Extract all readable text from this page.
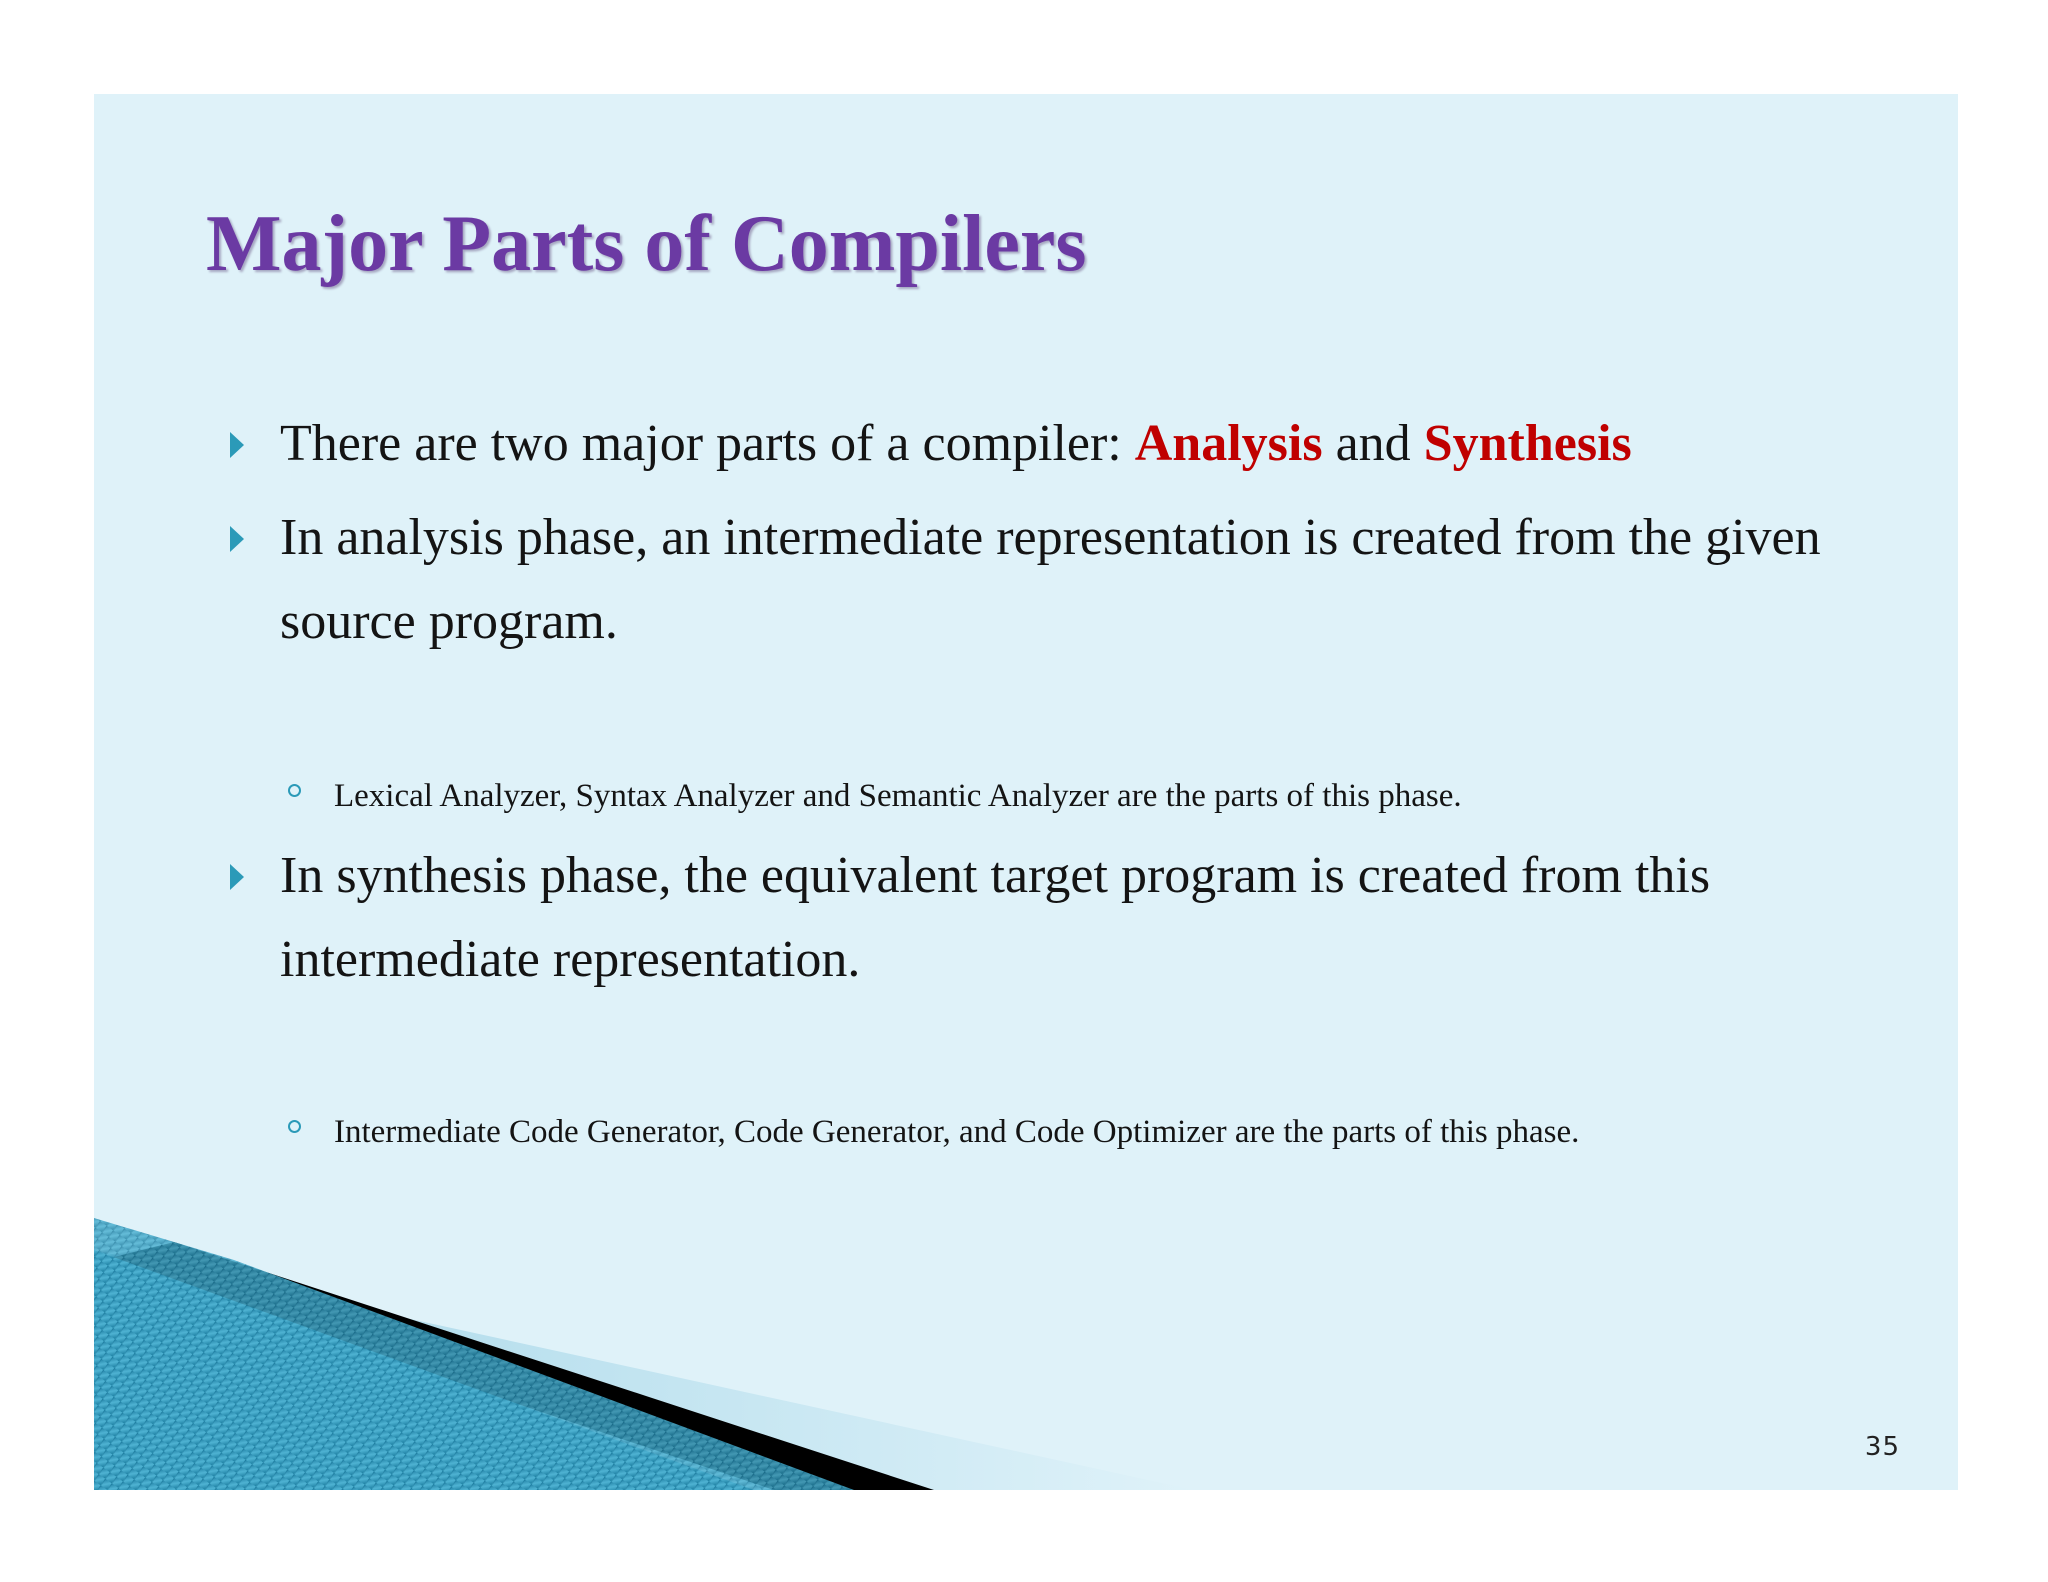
Major Parts of Compilers
There are two major parts of a compiler: Analysis and Synthesis
In analysis phase, an intermediate representation is created from the given source program.
Lexical Analyzer, Syntax Analyzer and Semantic Analyzer are the parts of this phase.
In synthesis phase, the equivalent target program is created from this intermediate representation.
Intermediate Code Generator, Code Generator, and Code Optimizer are the parts of this phase.
35
